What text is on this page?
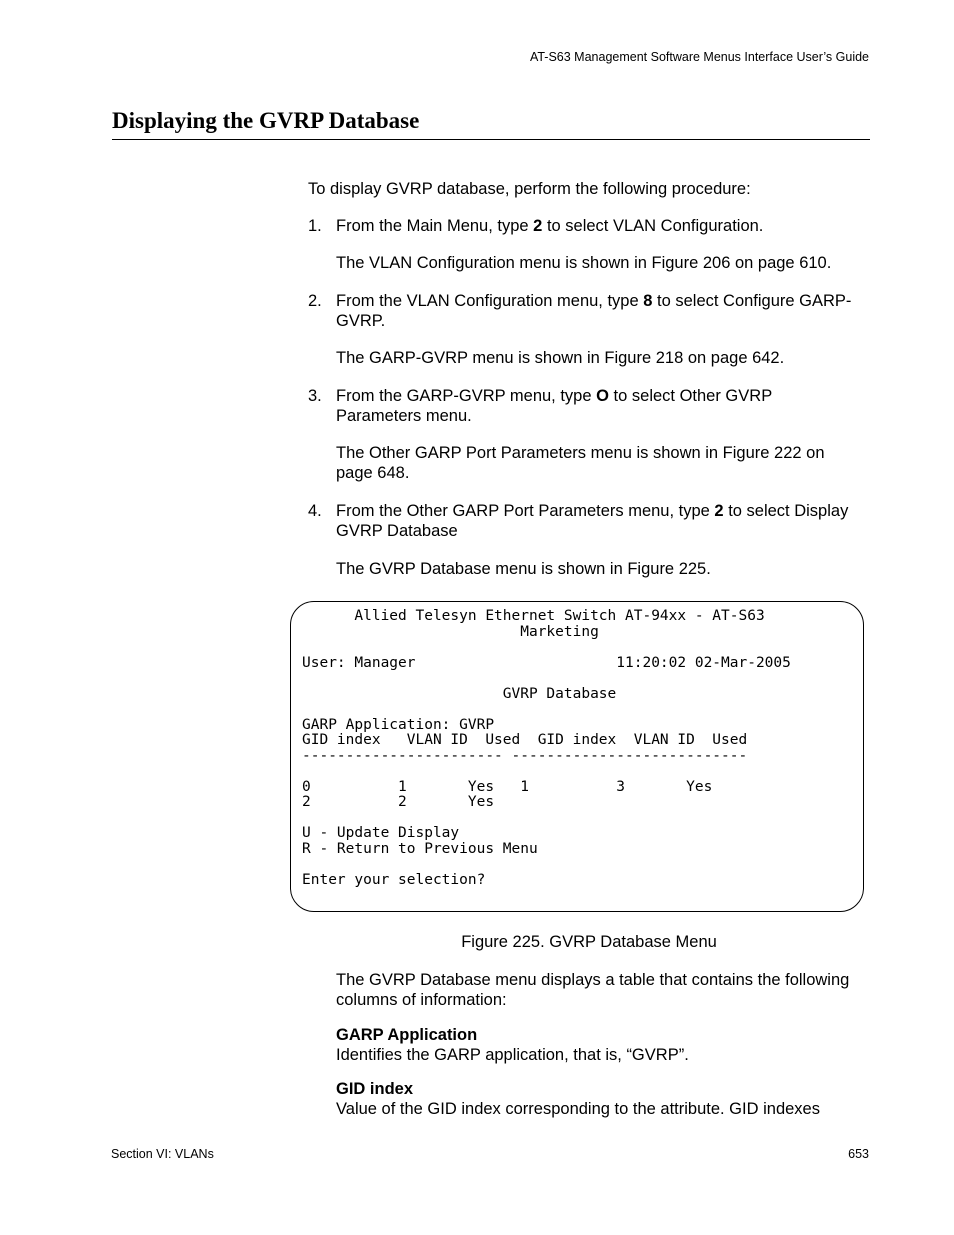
AT-S63 Management Software Menus Interface User’s Guide
Displaying the GVRP Database
To display GVRP database, perform the following procedure:
1. From the Main Menu, type 2 to select VLAN Configuration.
The VLAN Configuration menu is shown in Figure 206 on page 610.
2. From the VLAN Configuration menu, type 8 to select Configure GARP-GVRP.
The GARP-GVRP menu is shown in Figure 218 on page 642.
3. From the GARP-GVRP menu, type O to select Other GVRP Parameters menu.
The Other GARP Port Parameters menu is shown in Figure 222 on page 648.
4. From the Other GARP Port Parameters menu, type 2 to select Display GVRP Database
The GVRP Database menu is shown in Figure 225.
Allied Telesyn Ethernet Switch AT-94xx - AT-S63
Marketing

User: Manager                       11:20:02 02-Mar-2005

GVRP Database

GARP Application: GVRP
GID index   VLAN ID  Used  GID index  VLAN ID  Used
----------------------- ---------------------------

0          1       Yes   1          3       Yes
2          2       Yes

U - Update Display
R - Return to Previous Menu

Enter your selection?
Figure 225. GVRP Database Menu
The GVRP Database menu displays a table that contains the following columns of information:
GARP Application
Identifies the GARP application, that is, “GVRP”.
GID index
Value of the GID index corresponding to the attribute. GID indexes
Section VI: VLANs	653
